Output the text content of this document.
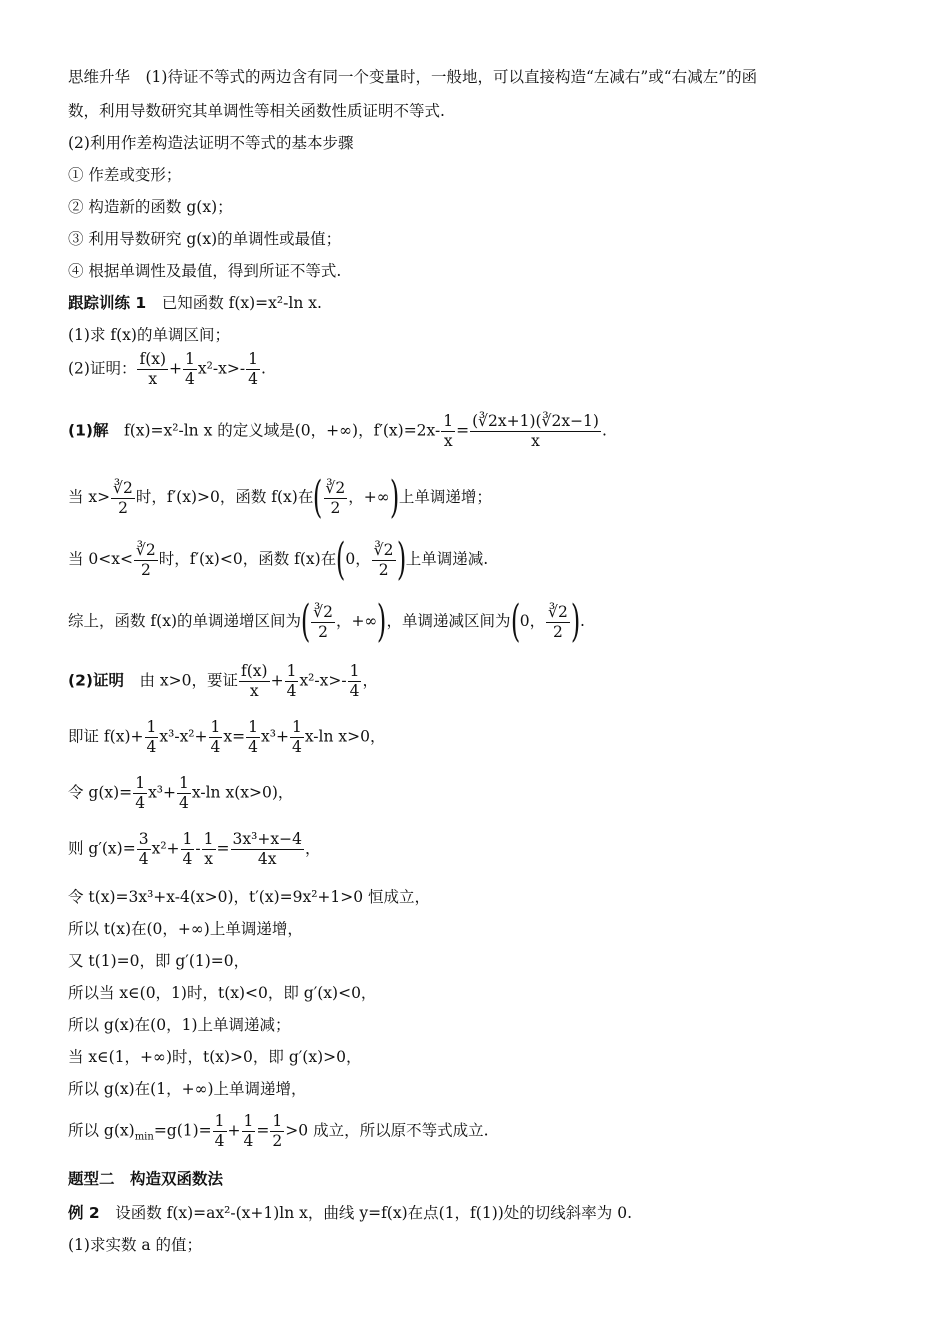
思维升华　(1)待证不等式的两边含有同一个变量时，一般地，可以直接构造“左减右”或“右减左”的函
数，利用导数研究其单调性等相关函数性质证明不等式.
(2)利用作差构造法证明不等式的基本步骤
① 作差或变形；
② 构造新的函数 g(x)；
③ 利用导数研究 g(x)的单调性或最值；
④ 根据单调性及最值，得到所证不等式.
跟踪训练 1　已知函数 f(x)=x²-ln x.
(1)求 f(x)的单调区间；
(2)证明： $\frac{f(x)}{x} + \frac{1}{4} x^2-x>- \frac{1}{4}$ .
(1)解　f(x)=x²-ln x 的定义域是(0，+∞)，$f'(x)=2x- \frac{1}{x} = \frac{(∛2x+1)(∛2x-1)}{x}$ .
当 $x> \frac{∛2}{2}$ 时，f′(x)>0，函数 f(x)在( $\frac{∛2}{2}$ ，+∞)上单调递增；
当 $0<x< \frac{∛2}{2}$ 时，f′(x)<0，函数 f(x)在(0， $\frac{∛2}{2}$ )上单调递减.
综上，函数 f(x)的单调递增区间为( $\frac{∛2}{2}$ ，+∞)，单调递减区间为(0， $\frac{∛2}{2}$ ).
(2)证明　由 x>0，要证 $\frac{f(x)}{x} + \frac{1}{4} x^2-x>- \frac{1}{4}$ ，
即证 $f(x)+ \frac{1}{4} x^3-x^2+ \frac{1}{4} x= \frac{1}{4} x^3+ \frac{1}{4} x-\ln$ x>0，
令 $g(x)= \frac{1}{4} x^3+ \frac{1}{4} x-\ln$ x(x>0)，
则 $g'(x)= \frac{3}{4} x^2+ \frac{1}{4} - \frac{1}{x} = \frac{\text{3x³+x−4}}{4x}$ ，
令 t(x)=3x³+x-4(x>0)，t′(x)=9x²+1>0 恒成立，
所以 t(x)在(0，+∞)上单调递增，
又 t(1)=0，即 g′(1)=0，
所以当 x∈(0，1)时，t(x)<0，即 g′(x)<0，
所以 g(x)在(0，1)上单调递减；
当 x∈(1，+∞)时，t(x)>0，即 g′(x)>0，
所以 g(x)在(1，+∞)上单调递增，
所以 $g(x)_{min}=g(1)= \frac{1}{4} + \frac{1}{4} = \frac{1}{2} >0$ 成立，所以原不等式成立.
题型二　构造双函数法
例 2　设函数 f(x)=ax²-(x+1)ln x，曲线 y=f(x)在点(1，f(1))处的切线斜率为 0.
(1)求实数 a 的值；
